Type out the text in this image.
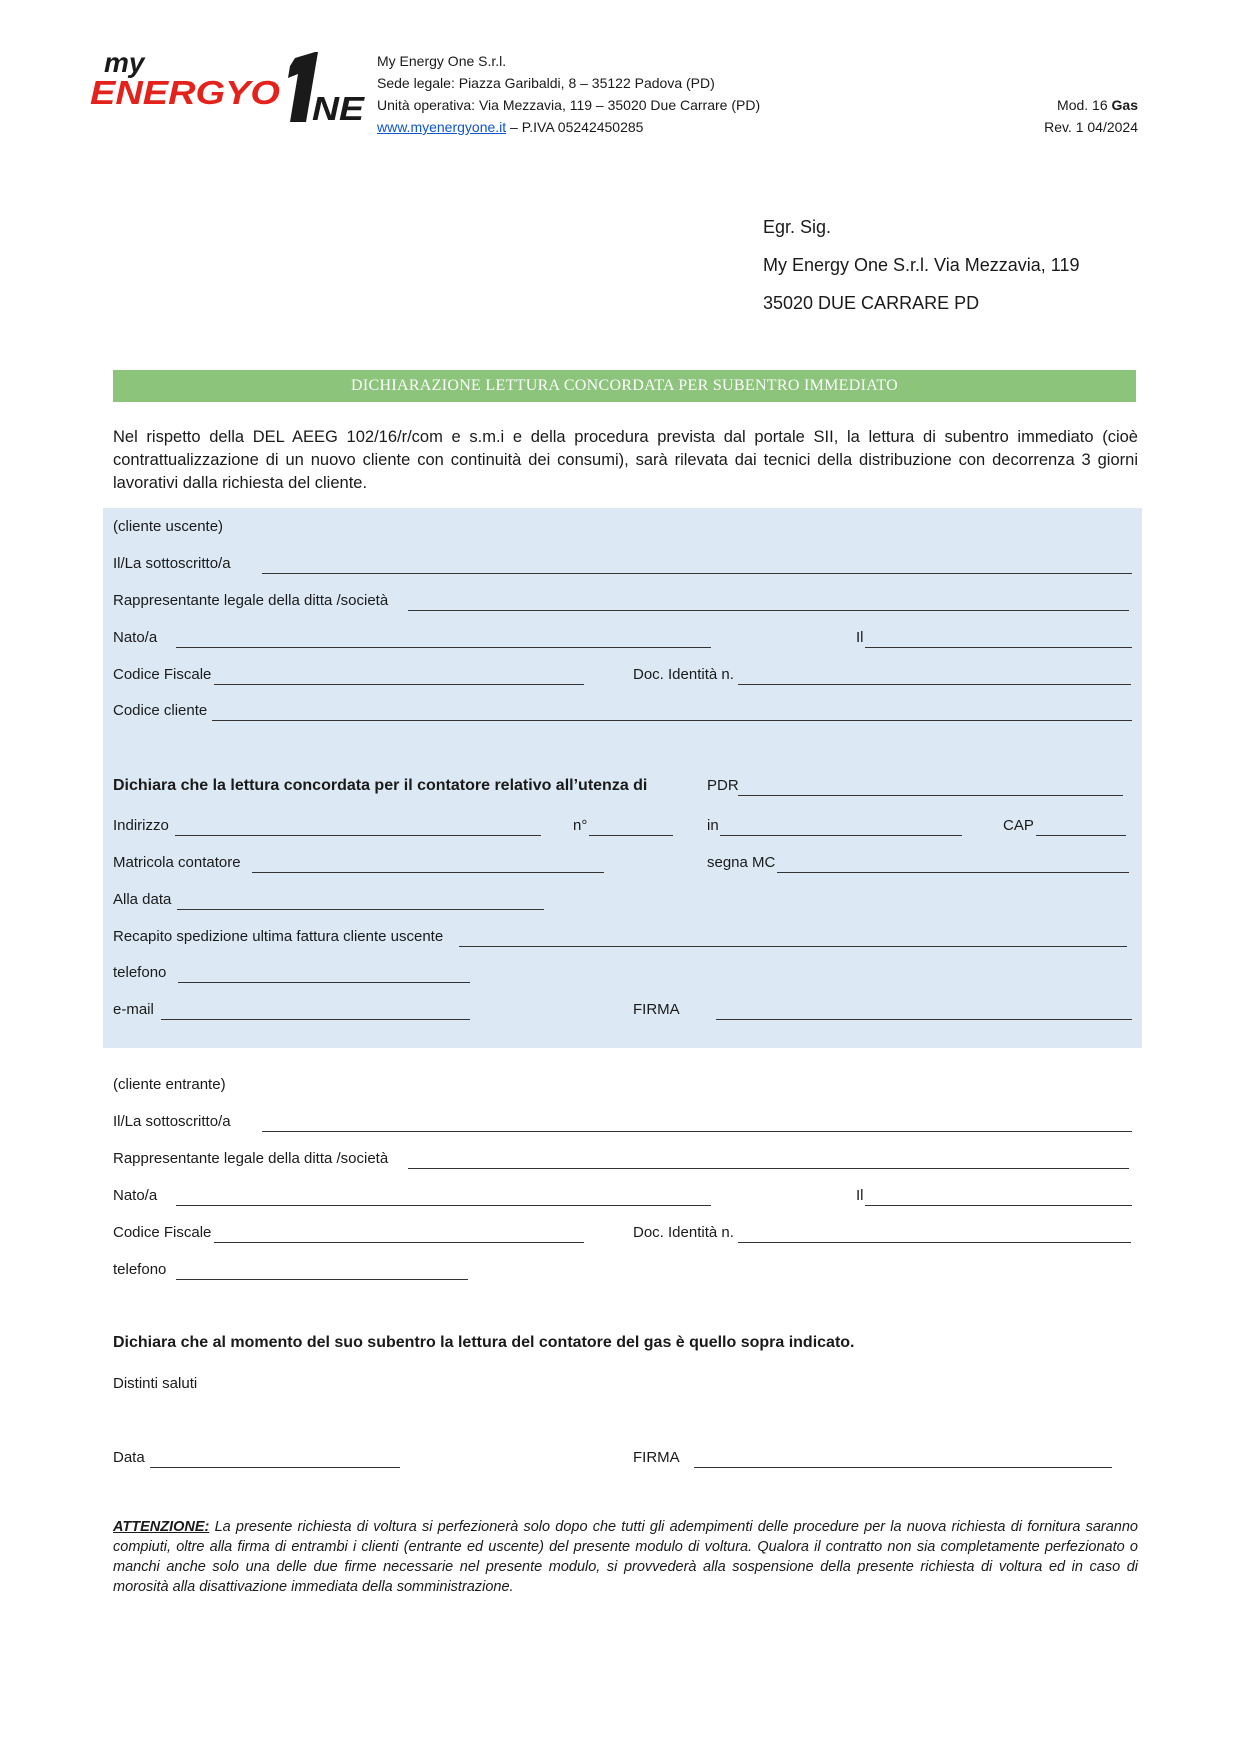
my
ENERGYO NE
My Energy One S.r.l.
Sede legale: Piazza Garibaldi, 8 – 35122 Padova (PD)
Unità operativa: Via Mezzavia, 119 – 35020 Due Carrare (PD)
www.myenergyone.it – P.IVA 05242450285
Mod. 16 Gas
Rev. 1 04/2024
Egr. Sig.
My Energy One S.r.l. Via Mezzavia, 119
35020 DUE CARRARE PD
DICHIARAZIONE LETTURA CONCORDATA PER SUBENTRO IMMEDIATO
Nel rispetto della DEL AEEG 102/16/r/com e s.m.i e della procedura prevista dal portale SII, la lettura di subentro immediato (cioè contrattualizzazione di un nuovo cliente con continuità dei consumi), sarà rilevata dai tecnici della distribuzione con decorrenza 3 giorni lavorativi dalla richiesta del cliente.
(cliente uscente)
Il/La sottoscritto/a
Rappresentante legale della ditta /società
Nato/a	Il
Codice Fiscale	Doc. Identità n.
Codice cliente
Dichiara che la lettura concordata per il contatore relativo all’utenza di	PDR
Indirizzo	n°	in	CAP
Matricola contatore	segna MC
Alla data
Recapito spedizione ultima fattura cliente uscente
telefono
e-mail	FIRMA
(cliente entrante)
Il/La sottoscritto/a
Rappresentante legale della ditta /società
Nato/a	Il
Codice Fiscale	Doc. Identità n.
telefono
Dichiara che al momento del suo subentro la lettura del contatore del gas è quello sopra indicato.
Distinti saluti
Data	FIRMA
ATTENZIONE: La presente richiesta di voltura si perfezionerà solo dopo che tutti gli adempimenti delle procedure per la nuova richiesta di fornitura saranno compiuti, oltre alla firma di entrambi i clienti (entrante ed uscente) del presente modulo di voltura. Qualora il contratto non sia completamente perfezionato o manchi anche solo una delle due firme necessarie nel presente modulo, si provvederà alla sospensione della presente richiesta di voltura ed in caso di morosità alla disattivazione immediata della somministrazione.
